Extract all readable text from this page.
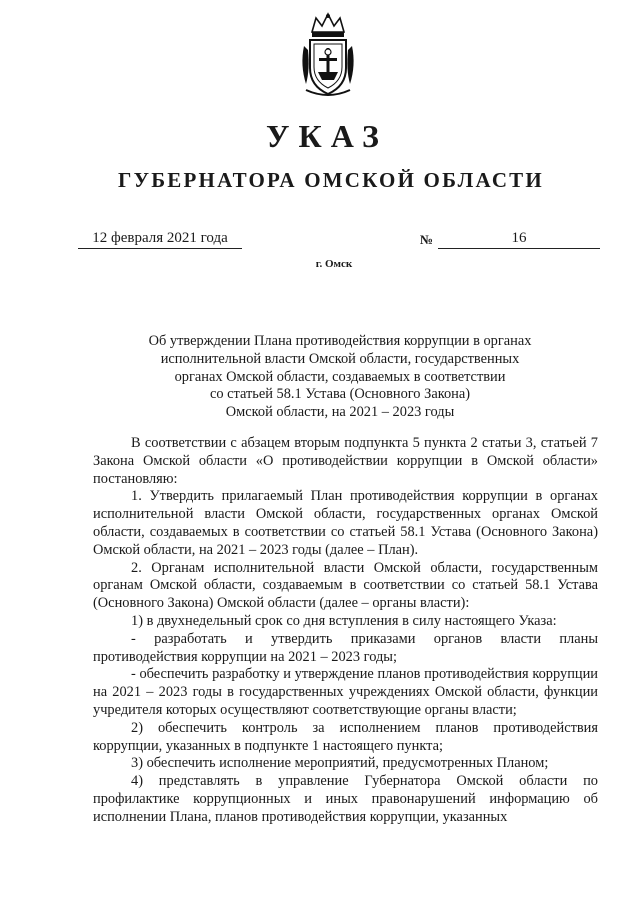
УКАЗ
ГУБЕРНАТОРА ОМСКОЙ ОБЛАСТИ
12 февраля 2021 года	№	16
г. Омск
Об утверждении Плана противодействия коррупции в органах
исполнительной власти Омской области, государственных
органах Омской области, создаваемых в соответствии
со статьей 58.1 Устава (Основного Закона)
Омской области, на 2021 – 2023 годы

В соответствии с абзацем вторым подпункта 5 пункта 2 статьи 3, статьей 7 Закона Омской области «О противодействии коррупции в Омской области» постановляю:

1. Утвердить прилагаемый План противодействия коррупции в органах исполнительной власти Омской области, государственных органах Омской области, создаваемых в соответствии со статьей 58.1 Устава (Основного Закона) Омской области, на 2021 – 2023 годы (далее – План).

2. Органам исполнительной власти Омской области, государственным органам Омской области, создаваемым в соответствии со статьей 58.1 Устава (Основного Закона) Омской области (далее – органы власти):

1) в двухнедельный срок со дня вступления в силу настоящего Указа:

- разработать и утвердить приказами органов власти планы противодействия коррупции на 2021 – 2023 годы;

- обеспечить разработку и утверждение планов противодействия коррупции на 2021 – 2023 годы в государственных учреждениях Омской области, функции учредителя которых осуществляют соответствующие органы власти;

2) обеспечить контроль за исполнением планов противодействия коррупции, указанных в подпункте 1 настоящего пункта;

3) обеспечить исполнение мероприятий, предусмотренных Планом;

4) представлять в управление Губернатора Омской области по профилактике коррупционных и иных правонарушений информацию об исполнении Плана, планов противодействия коррупции, указанных
